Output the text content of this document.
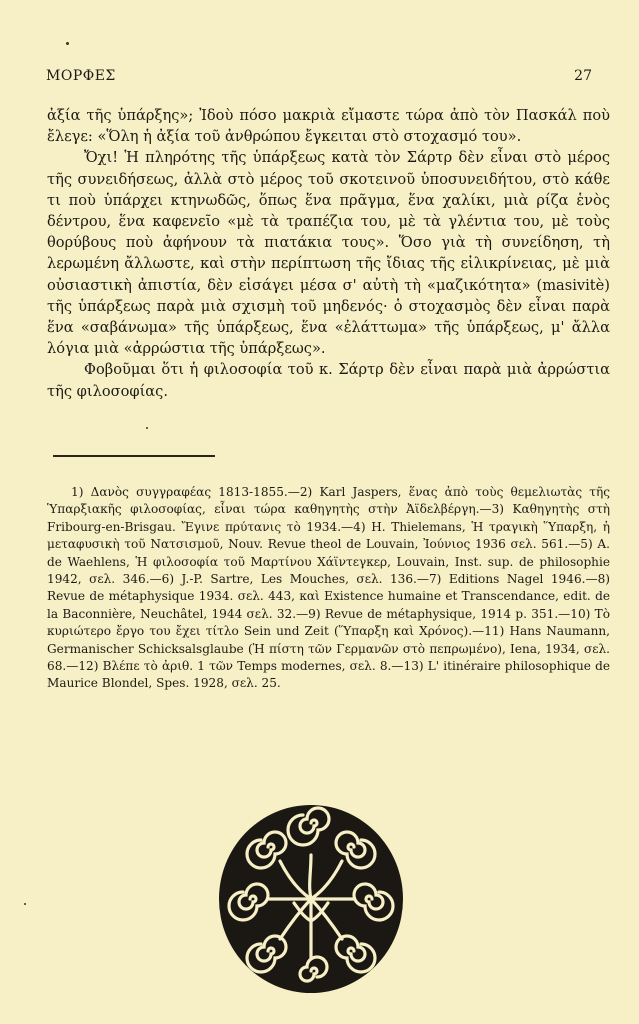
ΜΟΡΦΕΣ	27

ἀξία τῆς ὑπάρξης»; Ἰδοὺ πόσο μακριὰ εἴμαστε τώρα ἀπὸ τὸν Πασκάλ ποὺ ἔλεγε: «Ὅλη ἡ ἀξία τοῦ ἀνθρώπου ἔγκειται στὸ στοχασμό του».

Ὄχι! Ἡ πληρότης τῆς ὑπάρξεως κατὰ τὸν Σάρτρ δὲν εἶναι στὸ μέρος τῆς συνειδήσεως, ἀλλὰ στὸ μέρος τοῦ σκοτεινοῦ ὑποσυνειδήτου, στὸ κάθε τι ποὺ ὑπάρχει κτηνωδῶς, ὅπως ἕνα πρᾶγμα, ἕνα χαλίκι, μιὰ ρίζα ἑνὸς δέντρου, ἕνα καφενεῖο «μὲ τὰ τραπέζια του, μὲ τὰ γλέντια του, μὲ τοὺς θορύβους ποὺ ἀφήνουν τὰ πιατάκια τους». Ὅσο γιὰ τὴ συνείδηση, τὴ λερωμένη ἄλλωστε, καὶ στὴν περίπτωση τῆς ἴδιας τῆς εἰλικρίνειας, μὲ μιὰ οὐσιαστικὴ ἀπιστία, δὲν εἰσάγει μέσα σ' αὐτὴ τὴ «μαζικότητα» (masivitè) τῆς ὑπάρξεως παρὰ μιὰ σχισμὴ τοῦ μηδενός· ὁ στοχασμὸς δὲν εἶναι παρὰ ἕνα «σαβάνωμα» τῆς ὑπάρξεως, ἕνα «ἐλάττωμα» τῆς ὑπάρξεως, μ' ἄλλα λόγια μιὰ «ἀρρώστια τῆς ὑπάρξεως».

Φοβοῦμαι ὅτι ἡ φιλοσοφία τοῦ κ. Σάρτρ δὲν εἶναι παρὰ μιὰ ἀρρώστια τῆς φιλοσοφίας.

1) Δανὸς συγγραφέας 1813-1855.—2) Karl Jaspers, ἕνας ἀπὸ τοὺς θεμελιωτὰς τῆς Ὑπαρξιακῆς φιλοσοφίας, εἶναι τώρα καθηγητὴς στὴν Ἀϊδελβέργη.—3) Καθηγητὴς στὴ Fribourg-en-Brisgau. Ἔγινε πρύτανις τὸ 1934.—4) H. Thielemans, Ἡ τραγικὴ Ὕπαρξη, ἡ μεταφυσικὴ τοῦ Νατσισμοῦ, Nouv. Revue theol de Louvain, Ἰούνιος 1936 σελ. 561.—5) A. de Waehlens, Ἡ φιλοσοφία τοῦ Μαρτίνου Χάϊντεγκερ, Louvain, Inst. sup. de philosophie 1942, σελ. 346.—6) J.-P. Sartre, Les Mouches, σελ. 136.—7) Editions Nagel 1946.—8) Revue de métaphysique 1934. σελ. 443, καὶ Existence humaine et Transcendance, edit. de la Baconnière, Neuchâtel, 1944 σελ. 32.—9) Revue de métaphysique, 1914 p. 351.—10) Τὸ κυριώτερο ἔργο του ἔχει τίτλο Sein und Zeit (Ὕπαρξη καὶ Χρόνος).—11) Hans Naumann, Germanischer Schicksalsglaube (Ἡ πίστη τῶν Γερμανῶν στὸ πεπρωμένο), Iena, 1934, σελ. 68.—12) Βλέπε τὸ ἀριθ. 1 τῶν Temps modernes, σελ. 8.—13) L' itinéraire philosophique de Maurice Blondel, Spes. 1928, σελ. 25.
